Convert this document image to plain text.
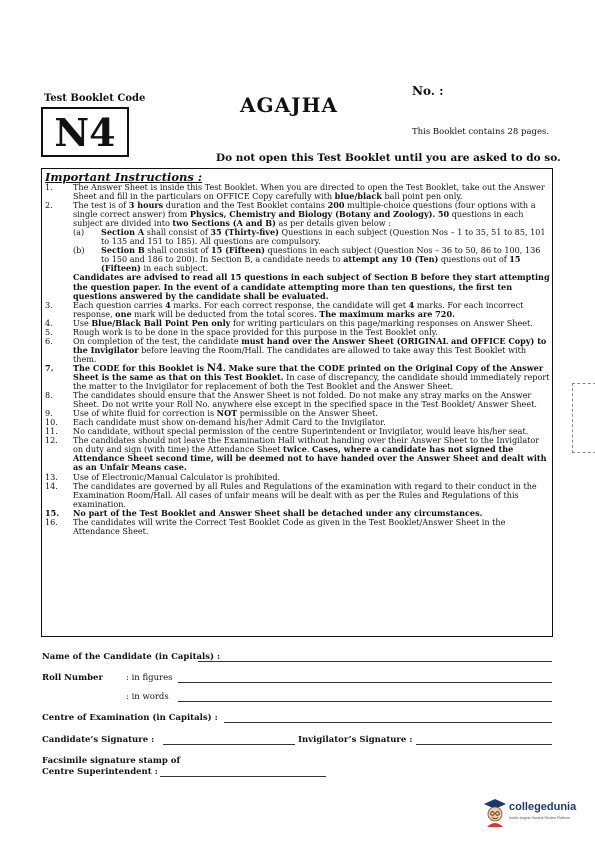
Test Booklet Code
N4
AGAJHA
No. :
This Booklet contains 28 pages.
Do not open this Test Booklet until you are asked to do so.
Important Instructions :
1.	The Answer Sheet is inside this Test Booklet. When you are directed to open the Test Booklet, take out the Answer Sheet and fill in the particulars on OFFICE Copy carefully with blue/black ball point pen only.
2.	The test is of 3 hours duration and the Test Booklet contains 200 multiple-choice questions (four options with a single correct answer) from Physics, Chemistry and Biology (Botany and Zoology). 50 questions in each subject are divided into two Sections (A and B) as per details given below :
(a)	Section A shall consist of 35 (Thirty-five) Questions in each subject (Question Nos – 1 to 35, 51 to 85, 101 to 135 and 151 to 185). All questions are compulsory.
(b)	Section B shall consist of 15 (Fifteen) questions in each subject (Question Nos – 36 to 50, 86 to 100, 136 to 150 and 186 to 200). In Section B, a candidate needs to attempt any 10 (Ten) questions out of 15 (Fifteen) in each subject.
Candidates are advised to read all 15 questions in each subject of Section B before they start attempting the question paper. In the event of a candidate attempting more than ten questions, the first ten questions answered by the candidate shall be evaluated.
3.	Each question carries 4 marks. For each correct response, the candidate will get 4 marks. For each incorrect response, one mark will be deducted from the total scores. The maximum marks are 720.
4.	Use Blue/Black Ball Point Pen only for writing particulars on this page/marking responses on Answer Sheet.
5.	Rough work is to be done in the space provided for this purpose in the Test Booklet only.
6.	On completion of the test, the candidate must hand over the Answer Sheet (ORIGINAL and OFFICE Copy) to the Invigilator before leaving the Room/Hall. The candidates are allowed to take away this Test Booklet with them.
7.	The CODE for this Booklet is N4. Make sure that the CODE printed on the Original Copy of the Answer Sheet is the same as that on this Test Booklet. In case of discrepancy, the candidate should immediately report the matter to the Invigilator for replacement of both the Test Booklet and the Answer Sheet.
8.	The candidates should ensure that the Answer Sheet is not folded. Do not make any stray marks on the Answer Sheet. Do not write your Roll No. anywhere else except in the specified space in the Test Booklet/ Answer Sheet.
9.	Use of white fluid for correction is NOT permissible on the Answer Sheet.
10.	Each candidate must show on-demand his/her Admit Card to the Invigilator.
11.	No candidate, without special permission of the centre Superintendent or Invigilator, would leave his/her seat.
12.	The candidates should not leave the Examination Hall without handing over their Answer Sheet to the Invigilator on duty and sign (with time) the Attendance Sheet twice. Cases, where a candidate has not signed the Attendance Sheet second time, will be deemed not to have handed over the Answer Sheet and dealt with as an Unfair Means case.
13.	Use of Electronic/Manual Calculator is prohibited.
14.	The candidates are governed by all Rules and Regulations of the examination with regard to their conduct in the Examination Room/Hall. All cases of unfair means will be dealt with as per the Rules and Regulations of this examination.
15.	No part of the Test Booklet and Answer Sheet shall be detached under any circumstances.
16.	The candidates will write the Correct Test Booklet Code as given in the Test Booklet/Answer Sheet in the Attendance Sheet.
Name of the Candidate (in Capitals) :
Roll Number	: in figures
: in words
Centre of Examination (in Capitals) :
Candidate’s Signature :	Invigilator’s Signature :
Facsimile signature stamp of
Centre Superintendent :
collegedunia
India's largest Student Review Platform
